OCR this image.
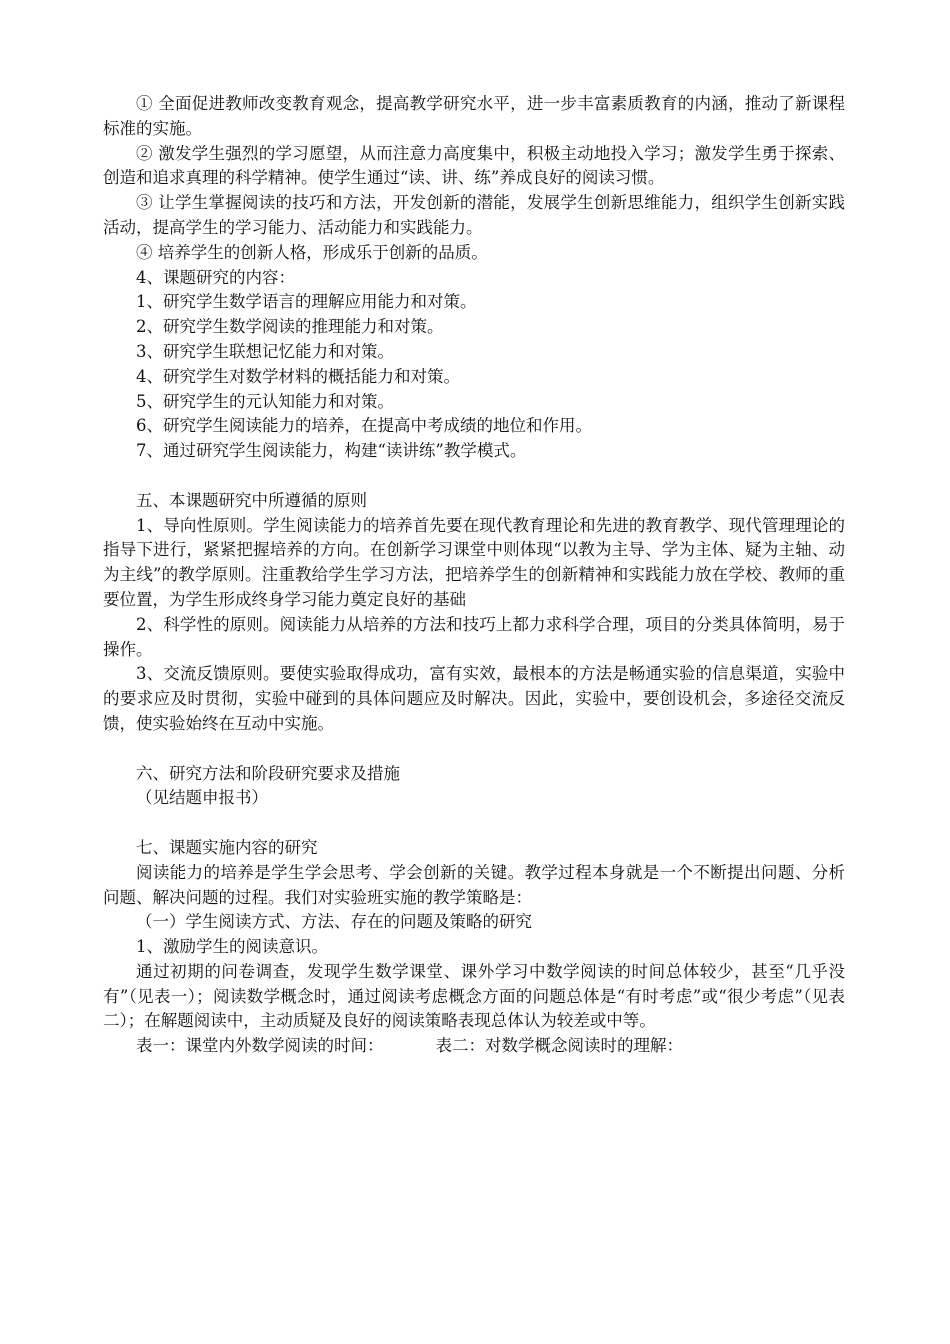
① 全面促进教师改变教育观念，提高教学研究水平，进一步丰富素质教育的内涵，推动了新课程标准的实施。

② 激发学生强烈的学习愿望，从而注意力高度集中，积极主动地投入学习；激发学生勇于探索、创造和追求真理的科学精神。使学生通过“读、讲、练”养成良好的阅读习惯。

③ 让学生掌握阅读的技巧和方法，开发创新的潜能，发展学生创新思维能力，组织学生创新实践活动，提高学生的学习能力、活动能力和实践能力。

④ 培养学生的创新人格，形成乐于创新的品质。

4、课题研究的内容：

1、研究学生数学语言的理解应用能力和对策。

2、研究学生数学阅读的推理能力和对策。

3、研究学生联想记忆能力和对策。

4、研究学生对数学材料的概括能力和对策。

5、研究学生的元认知能力和对策。

6、研究学生阅读能力的培养，在提高中考成绩的地位和作用。

7、通过研究学生阅读能力，构建“读讲练”教学模式。

五、本课题研究中所遵循的原则

1、导向性原则。学生阅读能力的培养首先要在现代教育理论和先进的教育教学、现代管理理论的指导下进行，紧紧把握培养的方向。在创新学习课堂中则体现“以教为主导、学为主体、疑为主轴、动为主线”的教学原则。注重教给学生学习方法，把培养学生的创新精神和实践能力放在学校、教师的重要位置，为学生形成终身学习能力奠定良好的基础

2、科学性的原则。阅读能力从培养的方法和技巧上都力求科学合理，项目的分类具体简明，易于操作。

3、交流反馈原则。要使实验取得成功，富有实效，最根本的方法是畅通实验的信息渠道，实验中的要求应及时贯彻，实验中碰到的具体问题应及时解决。因此，实验中，要创设机会，多途径交流反馈，使实验始终在互动中实施。

六、研究方法和阶段研究要求及措施

（见结题申报书）

七、课题实施内容的研究

阅读能力的培养是学生学会思考、学会创新的关键。教学过程本身就是一个不断提出问题、分析问题、解决问题的过程。我们对实验班实施的教学策略是：

（一）学生阅读方式、方法、存在的问题及策略的研究

1、激励学生的阅读意识。

通过初期的问卷调查，发现学生数学课堂、课外学习中数学阅读的时间总体较少，甚至“几乎没有”（见表一）；阅读数学概念时，通过阅读考虑概念方面的问题总体是“有时考虑”或“很少考虑”（见表二）；在解题阅读中，主动质疑及良好的阅读策略表现总体认为较差或中等。

表一：课堂内外数学阅读的时间：	表二：对数学概念阅读时的理解：
